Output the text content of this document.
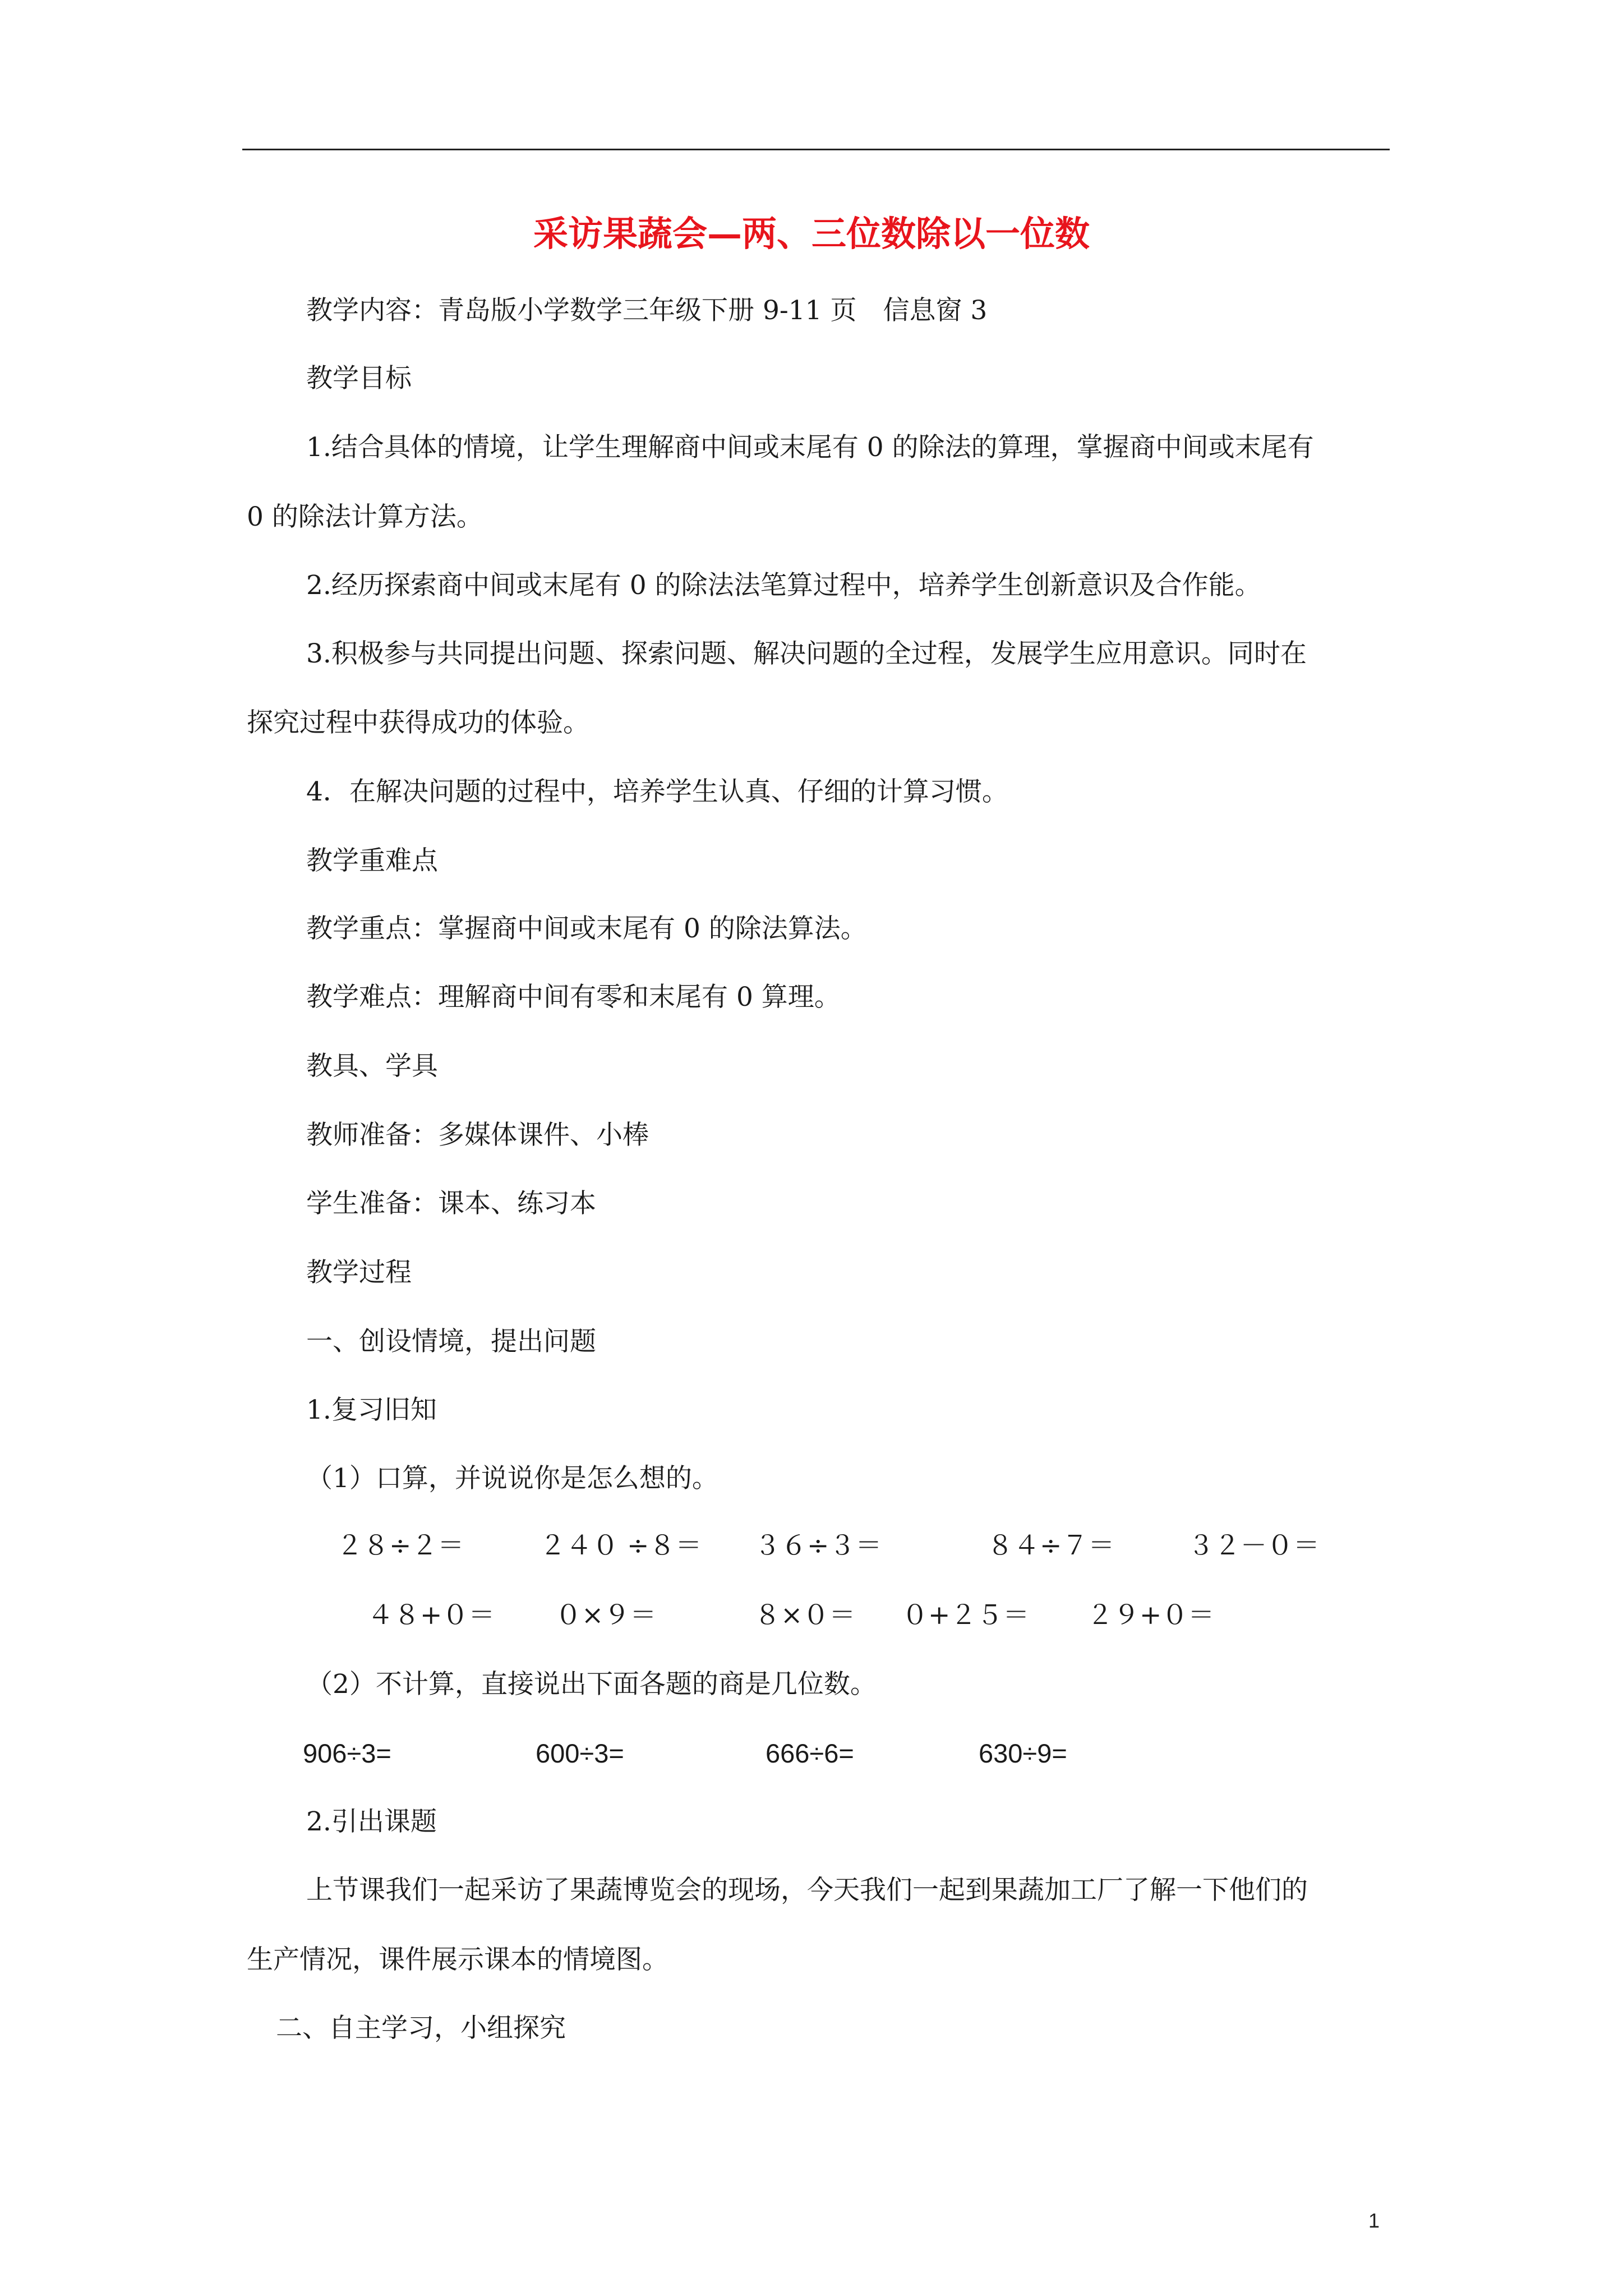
采访果蔬会—两、三位数除以一位数
教学内容：青岛版小学数学三年级下册 9-11 页　信息窗 3
教学目标
1.结合具体的情境，让学生理解商中间或末尾有 0 的除法的算理，掌握商中间或末尾有
0 的除法计算方法。
2.经历探索商中间或末尾有 0 的除法法笔算过程中，培养学生创新意识及合作能。
3.积极参与共同提出问题、探索问题、解决问题的全过程，发展学生应用意识。同时在
探究过程中获得成功的体验。
4．在解决问题的过程中，培养学生认真、仔细的计算习惯。
教学重难点
教学重点：掌握商中间或末尾有 0 的除法算法。
教学难点：理解商中间有零和末尾有 0 算理。
教具、学具
教师准备：多媒体课件、小棒
学生准备：课本、练习本
教学过程
一、创设情境，提出问题
1.复习旧知
（1）口算，并说说你是怎么想的。
２８÷２＝	２４０ ÷８＝ ３６÷３＝	８４÷７＝	３２－０＝
４８+０＝ ０×９＝	８×０＝ ０+２５＝ ２９+０＝
（2）不计算，直接说出下面各题的商是几位数。
906÷3=	600÷3=	666÷6=	630÷9=
2.引出课题
上节课我们一起采访了果蔬博览会的现场，今天我们一起到果蔬加工厂了解一下他们的
生产情况，课件展示课本的情境图。
二、自主学习，小组探究
1
